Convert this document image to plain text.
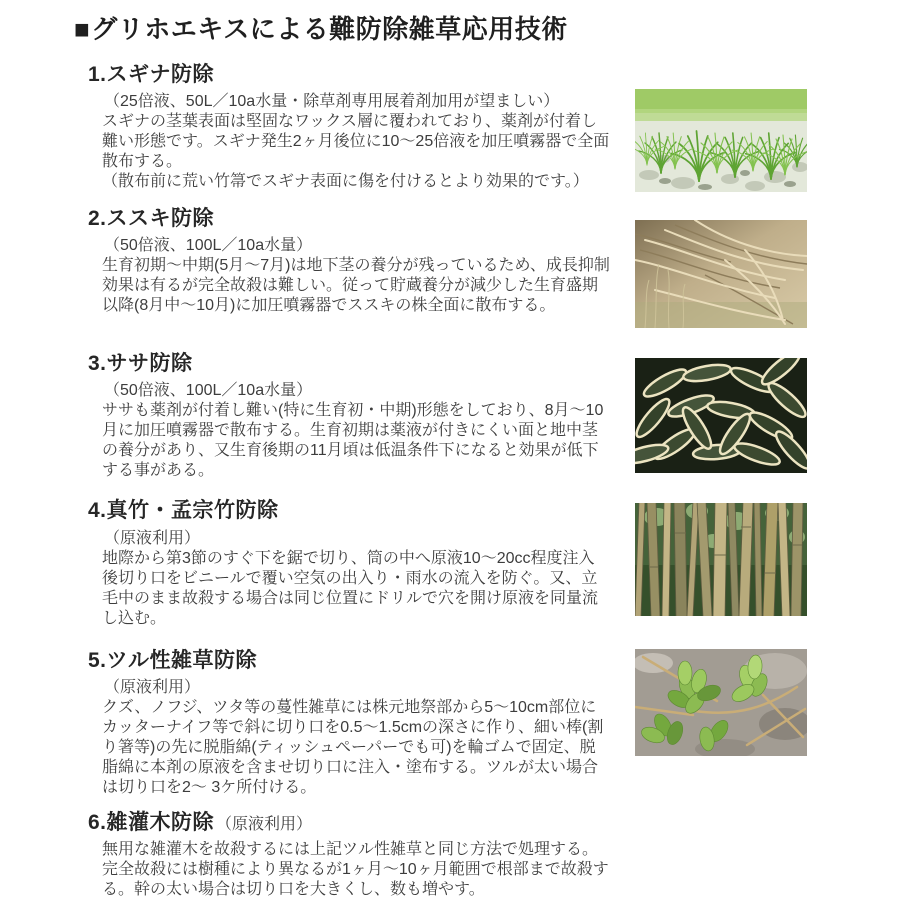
■グリホエキスによる難防除雑草応用技術
1.スギナ防除

（25倍液、50L／10a水量・除草剤専用展着剤加用が望ましい）

スギナの茎葉表面は堅固なワックス層に覆われており、薬剤が付着し難い形態です。スギナ発生2ヶ月後位に10〜25倍液を加圧噴霧器で全面散布する。

（散布前に荒い竹箒でスギナ表面に傷を付けるとより効果的です。）

2.ススキ防除

（50倍液、100L／10a水量）

生育初期〜中期(5月〜7月)は地下茎の養分が残っているため、成長抑制効果は有るが完全故殺は難しい。従って貯蔵養分が減少した生育盛期以降(8月中〜10月)に加圧噴霧器でススキの株全面に散布する。

3.ササ防除

（50倍液、100L／10a水量）

ササも薬剤が付着し難い(特に生育初・中期)形態をしており、8月〜10月に加圧噴霧器で散布する。生育初期は薬液が付きにくい面と地中茎の養分があり、又生育後期の11月頃は低温条件下になると効果が低下する事がある。

4.真竹・孟宗竹防除

（原液利用）

地際から第3節のすぐ下を鋸で切り、筒の中へ原液10〜20cc程度注入後切り口をビニールで覆い空気の出入り・雨水の流入を防ぐ。又、立毛中のまま故殺する場合は同じ位置にドリルで穴を開け原液を同量流し込む。

5.ツル性雑草防除

（原液利用）

クズ、ノフジ、ツタ等の蔓性雑草には株元地祭部から5〜10cm部位にカッターナイフ等で斜に切り口を0.5〜1.5cmの深さに作り、細い棒(割り箸等)の先に脱脂綿(ティッシュペーパーでも可)を輪ゴムで固定、脱脂綿に本剤の原液を含ませ切り口に注入・塗布する。ツルが太い場合は切り口を2〜 3ケ所付ける。

6.雑灌木防除 （原液利用）

無用な雑灌木を故殺するには上記ツル性雑草と同じ方法で処理する。完全故殺には樹種により異なるが1ヶ月〜10ヶ月範囲で根部まで故殺する。幹の太い場合は切り口を大きくし、数も増やす。
